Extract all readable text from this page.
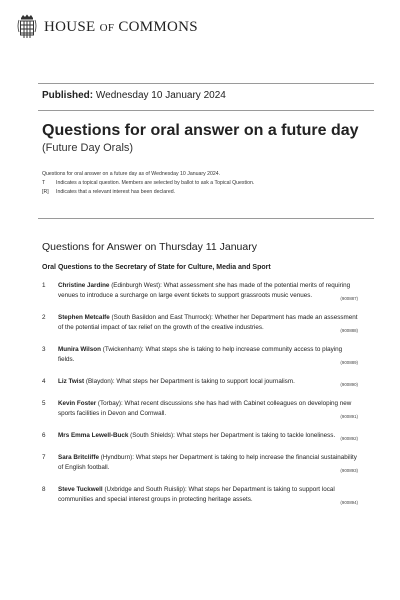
HOUSE OF COMMONS
Published: Wednesday 10 January 2024
Questions for oral answer on a future day
(Future Day Orals)
Questions for oral answer on a future day as of Wednesday 10 January 2024.
T	Indicates a topical question. Members are selected by ballot to ask a Topical Question.
[R]	Indicates that a relevant interest has been declared.
Questions for Answer on Thursday 11 January
Oral Questions to the Secretary of State for Culture, Media and Sport
1	Christine Jardine (Edinburgh West): What assessment she has made of the potential merits of requiring venues to introduce a surcharge on large event tickets to support grassroots music venues.	(900887)
2	Stephen Metcalfe (South Basildon and East Thurrock): Whether her Department has made an assessment of the potential impact of tax relief on the growth of the creative industries.	(900888)
3	Munira Wilson (Twickenham): What steps she is taking to help increase community access to playing fields.	(900889)
4	Liz Twist (Blaydon): What steps her Department is taking to support local journalism.	(900890)
5	Kevin Foster (Torbay): What recent discussions she has had with Cabinet colleagues on developing new sports facilities in Devon and Cornwall.	(900891)
6	Mrs Emma Lewell-Buck (South Shields): What steps her Department is taking to tackle loneliness. (900892)
7	Sara Britcliffe (Hyndburn): What steps her Department is taking to help increase the financial sustainability of English football.	(900893)
8	Steve Tuckwell (Uxbridge and South Ruislip): What steps her Department is taking to support local communities and special interest groups in protecting heritage assets.	(900894)
